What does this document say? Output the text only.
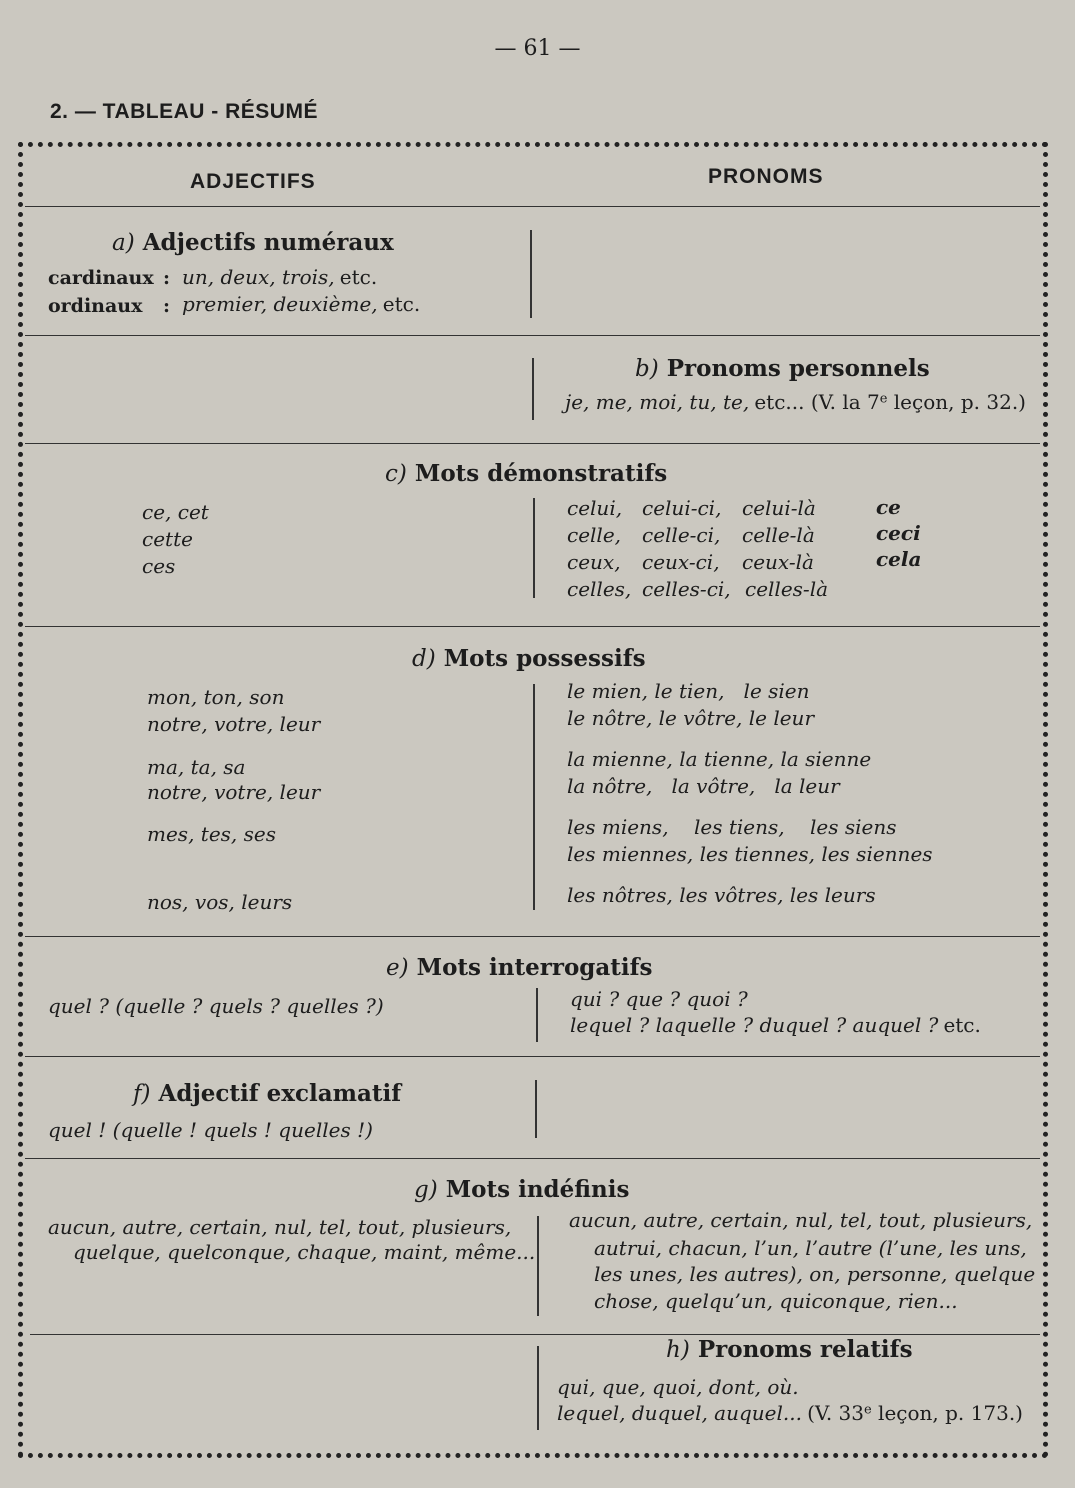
— 61 —
2. — TABLEAU - RÉSUMÉ
ADJECTIFS	PRONOMS
a) Adjectifs numéraux
cardinaux : un, deux, trois, etc.
ordinaux : premier, deuxième, etc.
b) Pronoms personnels
je, me, moi, tu, te, etc... (V. la 7e leçon, p. 32.)
c) Mots démonstratifs
ce, cet
cette
ces
celui, celui-ci, celui-là
celle, celle-ci, celle-là
ceux, ceux-ci, ceux-là
celles, celles-ci, celles-là
ce
ceci
cela
d) Mots possessifs
mon, ton, son
notre, votre, leur
ma, ta, sa
notre, votre, leur
mes, tes, ses
nos, vos, leurs
le mien, le tien,   le sien
le nôtre, le vôtre, le leur
la mienne, la tienne, la sienne
la nôtre,   la vôtre,   la leur
les miens,    les tiens,    les siens
les miennes, les tiennes, les siennes
les nôtres, les vôtres, les leurs
e) Mots interrogatifs
quel ? (quelle ? quels ? quelles ?)	qui ? que ? quoi ?
lequel ? laquelle ? duquel ? auquel ? etc.
f) Adjectif exclamatif
quel ! (quelle ! quels ! quelles !)
g) Mots indéfinis
aucun, autre, certain, nul, tel, tout, plusieurs,
quelque, quelconque, chaque, maint, même...
aucun, autre, certain, nul, tel, tout, plusieurs,
autrui, chacun, l’un, l’autre (l’une, les uns,
les unes, les autres), on, personne, quelque
chose, quelqu’un, quiconque, rien...
h) Pronoms relatifs
qui, que, quoi, dont, où.
lequel, duquel, auquel... (V. 33e leçon, p. 173.)
